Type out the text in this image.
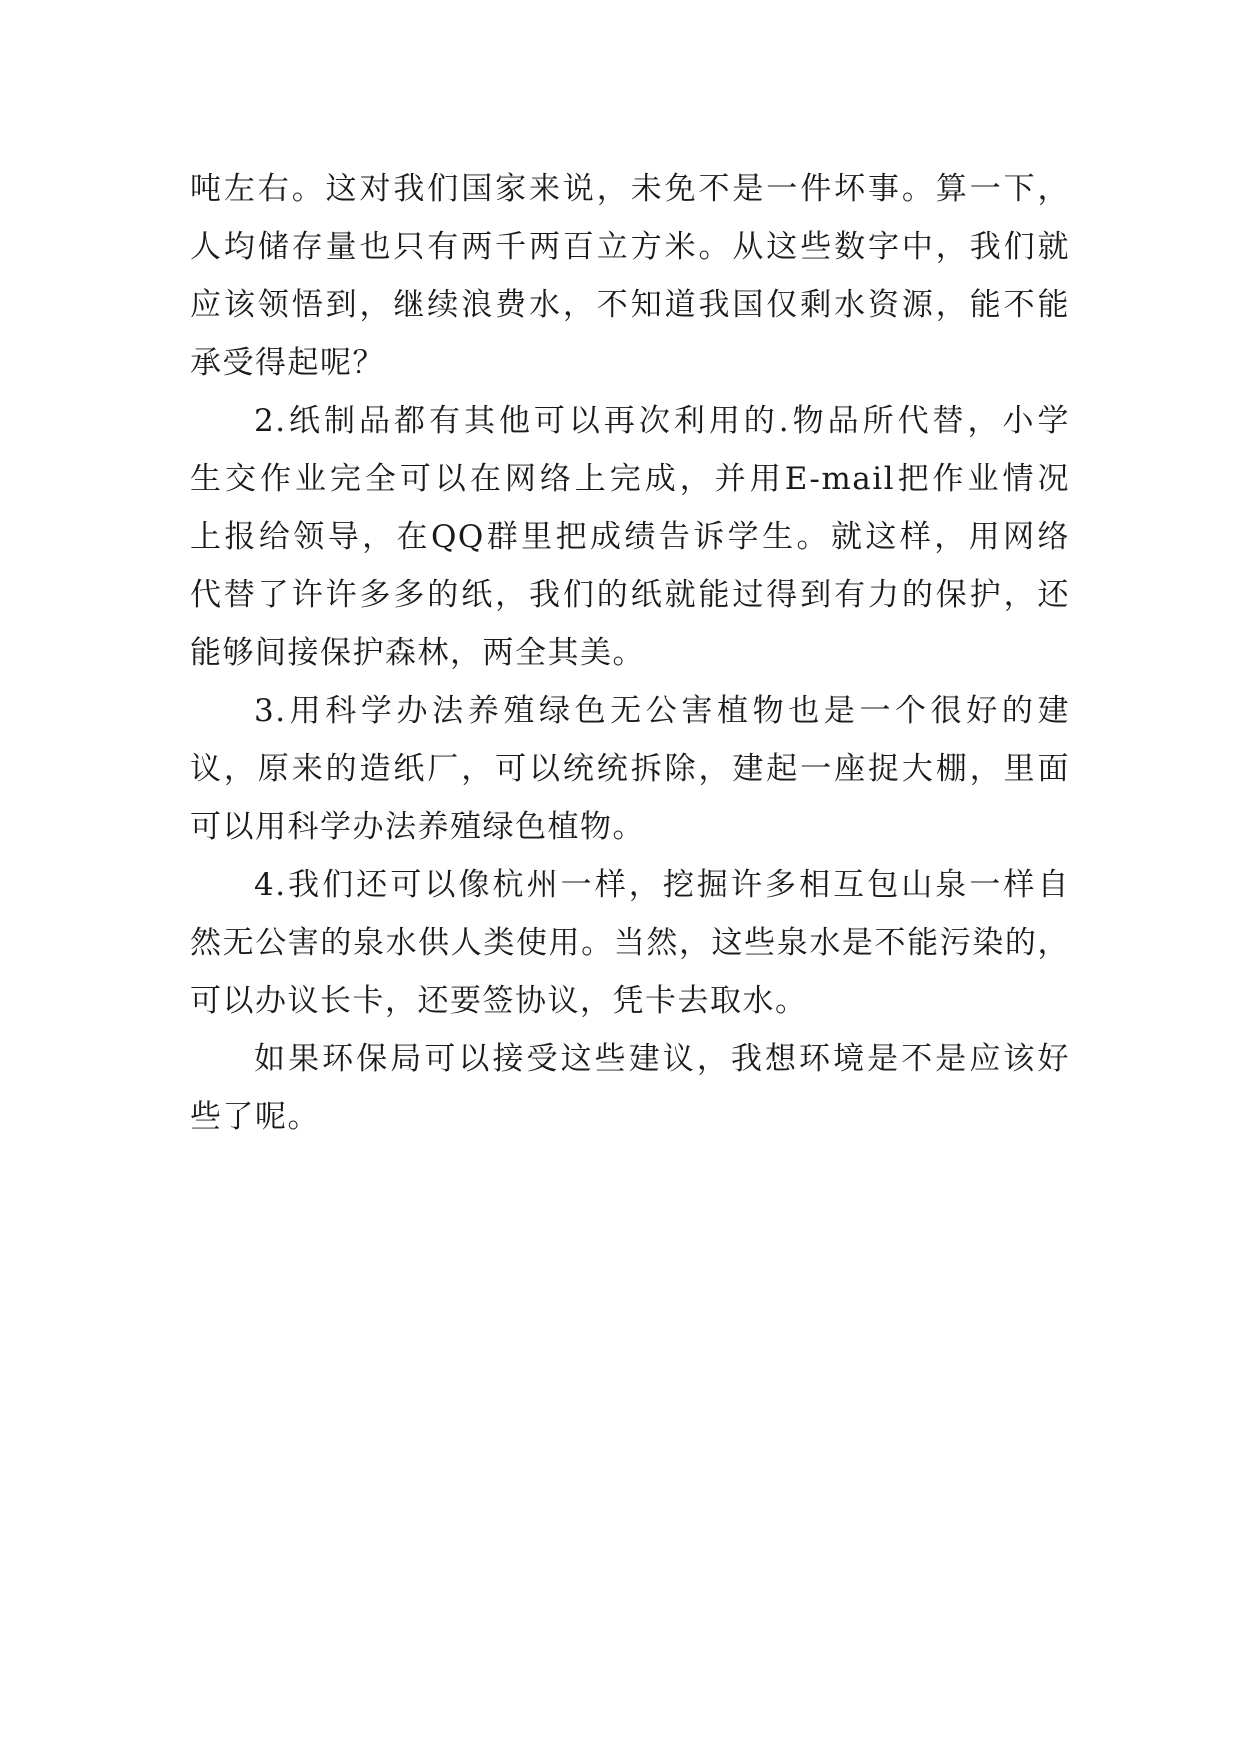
吨左右。这对我们国家来说，未免不是一件坏事。算一下，
人均储存量也只有两千两百立方米。从这些数字中，我们就
应该领悟到，继续浪费水，不知道我国仅剩水资源，能不能
承受得起呢？
2.纸制品都有其他可以再次利用的.物品所代替，小学
生交作业完全可以在网络上完成，并用E-mail把作业情况
上报给领导，在QQ群里把成绩告诉学生。就这样，用网络
代替了许许多多的纸，我们的纸就能过得到有力的保护，还
能够间接保护森林，两全其美。
3.用科学办法养殖绿色无公害植物也是一个很好的建
议，原来的造纸厂，可以统统拆除，建起一座捉大棚，里面
可以用科学办法养殖绿色植物。
4.我们还可以像杭州一样，挖掘许多相互包山泉一样自
然无公害的泉水供人类使用。当然，这些泉水是不能污染的，
可以办议长卡，还要签协议，凭卡去取水。
如果环保局可以接受这些建议，我想环境是不是应该好
些了呢。
